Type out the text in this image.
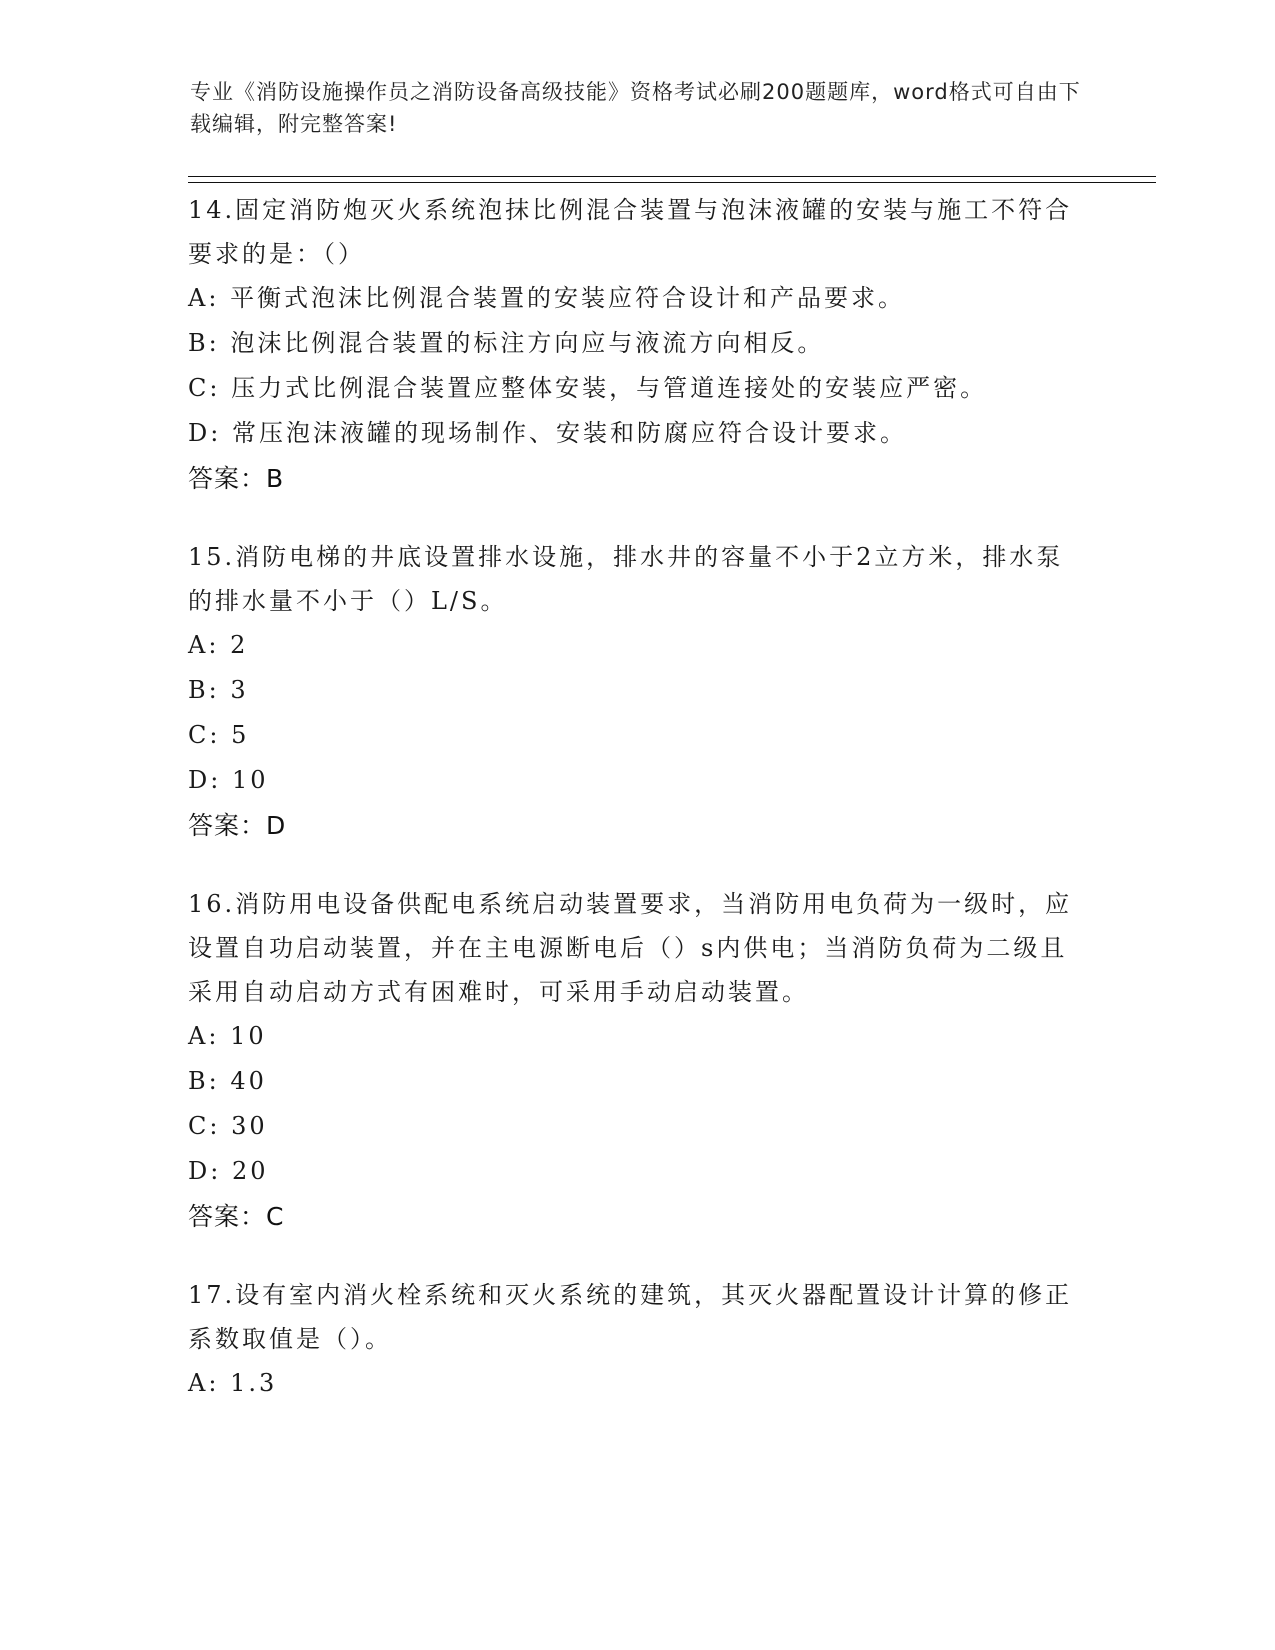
专业《消防设施操作员之消防设备高级技能》资格考试必刷200题题库，word格式可自由下载编辑，附完整答案!

14.固定消防炮灭火系统泡抹比例混合装置与泡沫液罐的安装与施工不符合要求的是：（）

A: 平衡式泡沫比例混合装置的安装应符合设计和产品要求。
B: 泡沫比例混合装置的标注方向应与液流方向相反。
C: 压力式比例混合装置应整体安装，与管道连接处的安装应严密。
D: 常压泡沫液罐的现场制作、安装和防腐应符合设计要求。
答案：B

15.消防电梯的井底设置排水设施，排水井的容量不小于2立方米，排水泵的排水量不小于（）L/S。

A: 2
B: 3
C: 5
D: 10
答案：D

16.消防用电设备供配电系统启动装置要求，当消防用电负荷为一级时，应设置自功启动装置，并在主电源断电后（）s内供电；当消防负荷为二级且采用自动启动方式有困难时，可采用手动启动装置。

A: 10
B: 40
C: 30
D: 20
答案：C

17.设有室内消火栓系统和灭火系统的建筑，其灭火器配置设计计算的修正系数取值是（）。

A: 1.3
